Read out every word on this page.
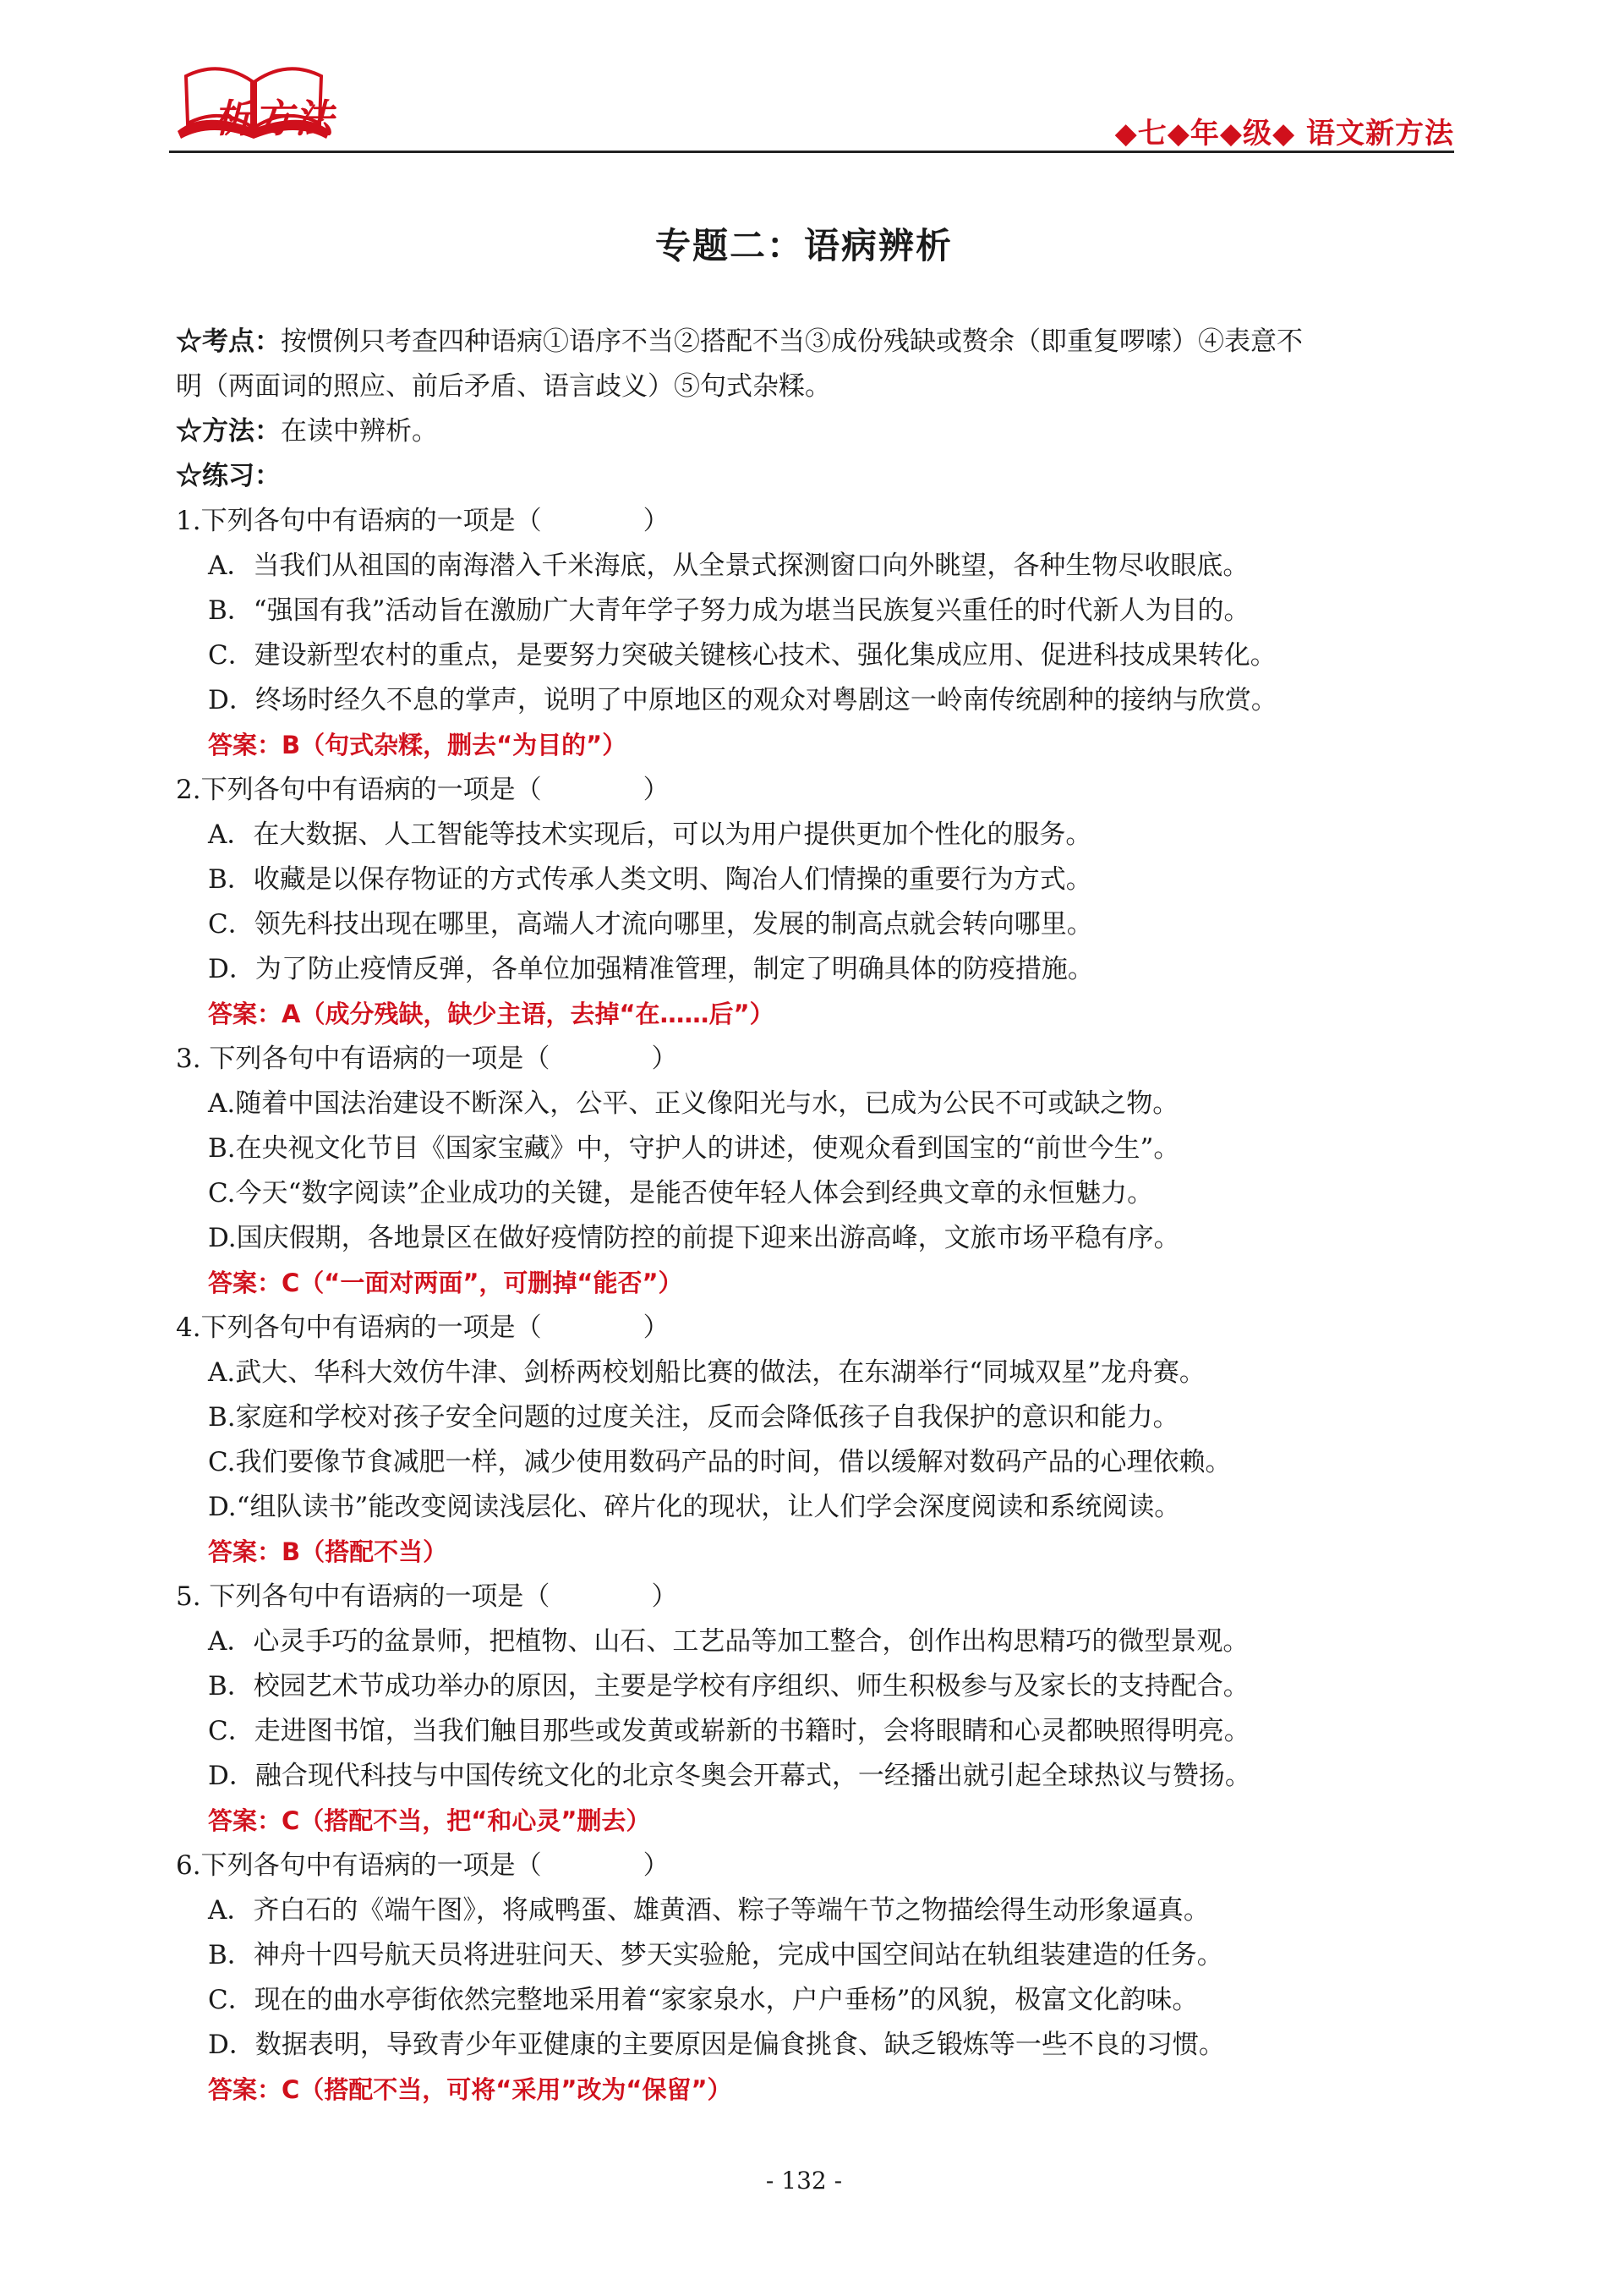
析方法	◆七◆年◆级◆ 语文新方法
专题二：语病辨析
☆考点：按惯例只考查四种语病①语序不当②搭配不当③成份残缺或赘余（即重复啰嗦）④表意不
明（两面词的照应、前后矛盾、语言歧义）⑤句式杂糅。
☆方法：在读中辨析。
☆练习：
1.下列各句中有语病的一项是（	）
A．当我们从祖国的南海潜入千米海底，从全景式探测窗口向外眺望，各种生物尽收眼底。
B．“强国有我”活动旨在激励广大青年学子努力成为堪当民族复兴重任的时代新人为目的。
C．建设新型农村的重点，是要努力突破关键核心技术、强化集成应用、促进科技成果转化。
D．终场时经久不息的掌声，说明了中原地区的观众对粤剧这一岭南传统剧种的接纳与欣赏。
答案：B（句式杂糅，删去“为目的”）
2.下列各句中有语病的一项是（	）
A．在大数据、人工智能等技术实现后，可以为用户提供更加个性化的服务。
B．收藏是以保存物证的方式传承人类文明、陶冶人们情操的重要行为方式。
C．领先科技出现在哪里，高端人才流向哪里，发展的制高点就会转向哪里。
D．为了防止疫情反弹，各单位加强精准管理，制定了明确具体的防疫措施。
答案：A（成分残缺，缺少主语，去掉“在……后”）
3. 下列各句中有语病的一项是（	）
A.随着中国法治建设不断深入，公平、正义像阳光与水，已成为公民不可或缺之物。
B.在央视文化节目《国家宝藏》中，守护人的讲述，使观众看到国宝的“前世今生”。
C.今天“数字阅读”企业成功的关键，是能否使年轻人体会到经典文章的永恒魅力。
D.国庆假期，各地景区在做好疫情防控的前提下迎来出游高峰，文旅市场平稳有序。
答案：C（“一面对两面”，可删掉“能否”）
4.下列各句中有语病的一项是（	）
A.武大、华科大效仿牛津、剑桥两校划船比赛的做法，在东湖举行“同城双星”龙舟赛。
B.家庭和学校对孩子安全问题的过度关注，反而会降低孩子自我保护的意识和能力。
C.我们要像节食减肥一样，减少使用数码产品的时间，借以缓解对数码产品的心理依赖。
D.“组队读书”能改变阅读浅层化、碎片化的现状，让人们学会深度阅读和系统阅读。
答案：B（搭配不当）
5. 下列各句中有语病的一项是（	）
A．心灵手巧的盆景师，把植物、山石、工艺品等加工整合，创作出构思精巧的微型景观。
B．校园艺术节成功举办的原因，主要是学校有序组织、师生积极参与及家长的支持配合。
C．走进图书馆，当我们触目那些或发黄或崭新的书籍时，会将眼睛和心灵都映照得明亮。
D．融合现代科技与中国传统文化的北京冬奥会开幕式，一经播出就引起全球热议与赞扬。
答案：C（搭配不当，把“和心灵”删去）
6.下列各句中有语病的一项是（	）
A．齐白石的《端午图》，将咸鸭蛋、雄黄酒、粽子等端午节之物描绘得生动形象逼真。
B．神舟十四号航天员将进驻问天、梦天实验舱，完成中国空间站在轨组装建造的任务。
C．现在的曲水亭街依然完整地采用着“家家泉水，户户垂杨”的风貌，极富文化韵味。
D．数据表明，导致青少年亚健康的主要原因是偏食挑食、缺乏锻炼等一些不良的习惯。
答案：C（搭配不当，可将“采用”改为“保留”）
- 132 -
